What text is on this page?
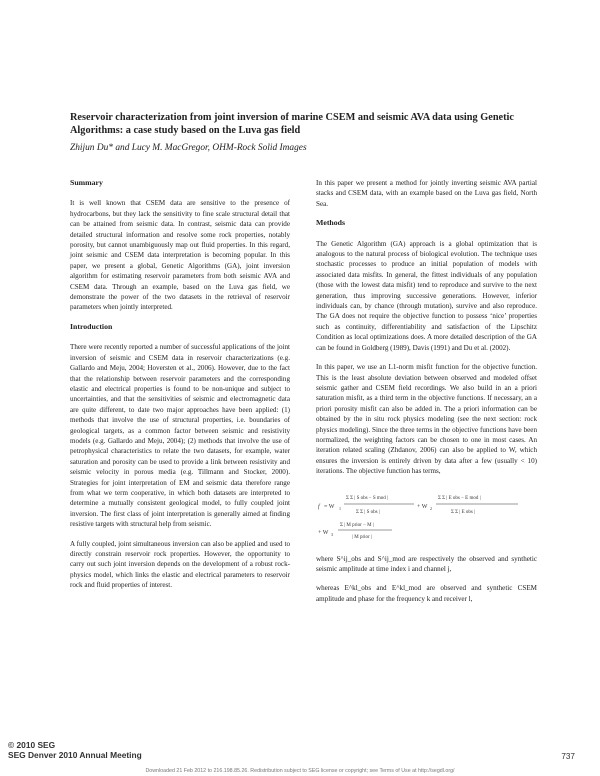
Reservoir characterization from joint inversion of marine CSEM and seismic AVA data using Genetic Algorithms: a case study based on the Luva gas field
Zhijun Du* and Lucy M. MacGregor, OHM-Rock Solid Images
Summary

It is well known that CSEM data are sensitive to the presence of hydrocarbons, but they lack the sensitivity to fine scale structural detail that can be attained from seismic data. In contrast, seismic data can provide detailed structural information and resolve some rock properties, notably porosity, but cannot unambiguously map out fluid properties. In this regard, joint seismic and CSEM data interpretation is becoming popular. In this paper, we present a global, Genetic Algorithms (GA), joint inversion algorithm for estimating reservoir parameters from both seismic AVA and CSEM data. Through an example, based on the Luva gas field, we demonstrate the power of the two datasets in the retrieval of reservoir parameters when jointly interpreted.

Introduction

There were recently reported a number of successful applications of the joint inversion of seismic and CSEM data in reservoir characterizations (e.g. Gallardo and Meju, 2004; Hoversten et al., 2006). However, due to the fact that the relationship between reservoir parameters and the corresponding elastic and electrical properties is found to be non-unique and subject to uncertainties, and that the sensitivities of seismic and electromagnetic data are quite different, to date two major approaches have been applied: (1) methods that involve the use of structural properties, i.e. boundaries of geological targets, as a common factor between seismic and resistivity models (e.g. Gallardo and Meju, 2004); (2) methods that involve the use of petrophysical characteristics to relate the two datasets, for example, water saturation and porosity can be used to provide a link between resistivity and seismic velocity in porous media (e.g. Tillmann and Stocker, 2000). Strategies for joint interpretation of EM and seismic data therefore range from what we term cooperative, in which both datasets are interpreted to determine a mutually consistent geological model, to fully coupled joint inversion. The first class of joint interpretation is generally aimed at finding resistive targets with structural help from seismic.

A fully coupled, joint simultaneous inversion can also be applied and used to directly constrain reservoir rock properties. However, the opportunity to carry out such joint inversion depends on the development of a robust rock-physics model, which links the elastic and electrical parameters to reservoir rock and fluid properties of interest.

In this paper we present a method for jointly inverting seismic AVA partial stacks and CSEM data, with an example based on the Luva gas field, North Sea.

Methods

The Genetic Algorithm (GA) approach is a global optimization that is analogous to the natural process of biological evolution. The technique uses stochastic processes to produce an initial population of models with associated data misfits. In general, the fittest individuals of any population (those with the lowest data misfit) tend to reproduce and survive to the next generation, thus improving successive generations. However, inferior individuals can, by chance (through mutation), survive and also reproduce. The GA does not require the objective function to possess ‘nice’ properties such as continuity, differentiability and satisfaction of the Lipschitz Condition as local optimizations does. A more detailed description of the GA can be found in Goldberg (1989), Davis (1991) and Du et al. (2002).

In this paper, we use an L1-norm misfit function for the objective function. This is the least absolute deviation between observed and modeled offset seismic gather and CSEM field recordings. We also build in an a priori saturation misfit, as a third term in the objective functions. If necessary, an a priori porosity misfit can also be added in. The a priori information can be obtained by the in situ rock physics modeling (see the next section: rock physics modeling). Since the three terms in the objective functions have been normalized, the weighting factors can be chosen to one in most cases. An iteration related scaling (Zhdanov, 2006) can also be applied to W, which ensures the inversion is entirely driven by data after a few (usually < 10) iterations. The objective function has terms,

f = W 1
Σ Σ | S obs − S mod |
Σ Σ | S obs |
+ W 2
Σ Σ | E obs − E mod |
Σ Σ | E obs |
+ W 3
Σ | M prior − M |
| M prior |

where S^ij_obs and S^ij_mod are respectively the observed and synthetic seismic amplitude at time index i and channel j,

whereas E^kl_obs and E^kl_mod are observed and synthetic CSEM amplitude and phase for the frequency k and receiver l,

© 2010 SEG
SEG Denver 2010 Annual Meeting	737
Downloaded 21 Feb 2012 to 216.198.85.26. Redistribution subject to SEG license or copyright; see Terms of Use at http://segdl.org/
